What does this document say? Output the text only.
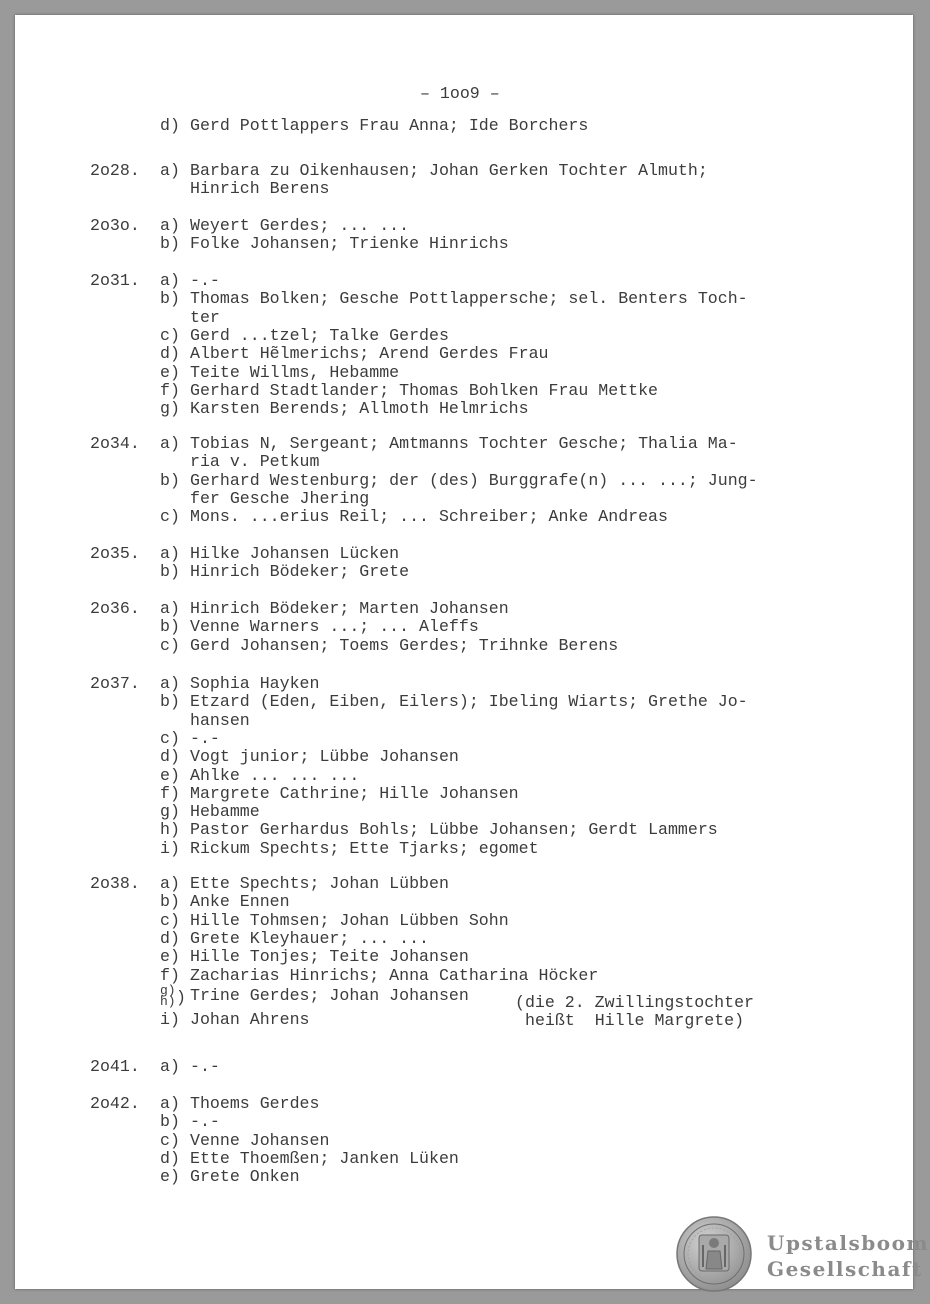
– 1oo9 –
d) Gerd Pottlappers Frau Anna; Ide Borchers
2o28.	a) Barbara zu Oikenhausen; Johan Gerken Tochter Almuth;
Hinrich Berens
2o3o.	a) Weyert Gerdes; ... ...
b) Folke Johansen; Trienke Hinrichs
2o31.	a) -.-
b) Thomas Bolken; Gesche Pottlappersche; sel. Benters Toch-
ter
c) Gerd ...tzel; Talke Gerdes
d) Albert Hẽlmerichs; Arend Gerdes Frau
e) Teite Willms, Hebamme
f) Gerhard Stadtlander; Thomas Bohlken Frau Mettke
g) Karsten Berends; Allmoth Helmrichs
2o34.	a) Tobias N, Sergeant; Amtmanns Tochter Gesche; Thalia Ma-
ria v. Petkum
b) Gerhard Westenburg; der (des) Burggrafe(n) ... ...; Jung-
fer Gesche Jhering
c) Mons. ...erius Reil; ... Schreiber; Anke Andreas
2o35.	a) Hilke Johansen Lücken
b) Hinrich Bödeker; Grete
2o36.	a) Hinrich Bödeker; Marten Johansen
b) Venne Warners ...; ... Aleffs
c) Gerd Johansen; Toems Gerdes; Trihnke Berens
2o37.	a) Sophia Hayken
b) Etzard (Eden, Eiben, Eilers); Ibeling Wiarts; Grethe Jo-
hansen
c) -.-
d) Vogt junior; Lübbe Johansen
e) Ahlke ... ... ...
f) Margrete Cathrine; Hille Johansen
g) Hebamme
h) Pastor Gerhardus Bohls; Lübbe Johansen; Gerdt Lammers
i) Rickum Spechts; Ette Tjarks; egomet
2o38.	a) Ette Spechts; Johan Lübben
b) Anke Ennen
c) Hille Tohmsen; Johan Lübben Sohn
d) Grete Kleyhauer; ... ...
e) Hille Tonjes; Teite Johansen
f) Zacharias Hinrichs; Anna Catharina Höcker
g)
h) ) Trine Gerdes; Johan Johansen
i) Johan Ahrens
(die 2. Zwillingstochter
heißt  Hille Margrete)
2o41.	a) -.-
2o42.	a) Thoems Gerdes
b) -.-
c) Venne Johansen
d) Ette Thoemßen; Janken Lüken
e) Grete Onken
Upstalsboom
Gesellschaft
